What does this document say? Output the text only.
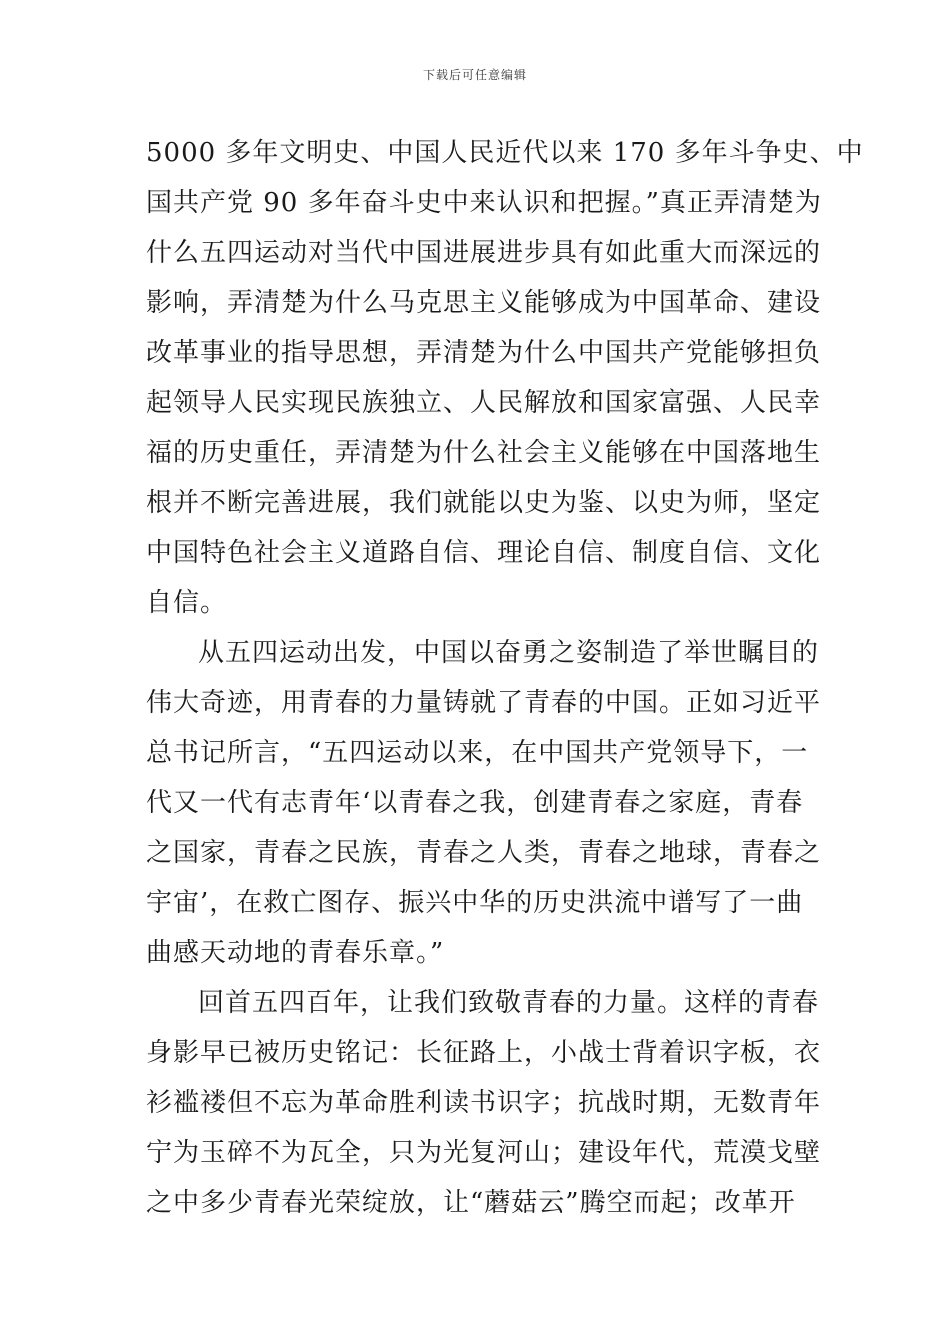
下载后可任意编辑
5000 多年文明史、中国人民近代以来 170 多年斗争史、中
国共产党 90 多年奋斗史中来认识和把握。”真正弄清楚为
什么五四运动对当代中国进展进步具有如此重大而深远的
影响，弄清楚为什么马克思主义能够成为中国革命、建设
改革事业的指导思想，弄清楚为什么中国共产党能够担负
起领导人民实现民族独立、人民解放和国家富强、人民幸
福的历史重任，弄清楚为什么社会主义能够在中国落地生
根并不断完善进展，我们就能以史为鉴、以史为师，坚定
中国特色社会主义道路自信、理论自信、制度自信、文化
自信。
从五四运动出发，中国以奋勇之姿制造了举世瞩目的
伟大奇迹，用青春的力量铸就了青春的中国。正如习近平
总书记所言，“五四运动以来，在中国共产党领导下，一
代又一代有志青年‘以青春之我，创建青春之家庭，青春
之国家，青春之民族，青春之人类，青春之地球，青春之
宇宙’，在救亡图存、振兴中华的历史洪流中谱写了一曲
曲感天动地的青春乐章。”
回首五四百年，让我们致敬青春的力量。这样的青春
身影早已被历史铭记：长征路上，小战士背着识字板，衣
衫褴褛但不忘为革命胜利读书识字；抗战时期，无数青年
宁为玉碎不为瓦全，只为光复河山；建设年代，荒漠戈壁
之中多少青春光荣绽放，让“蘑菇云”腾空而起；改革开
